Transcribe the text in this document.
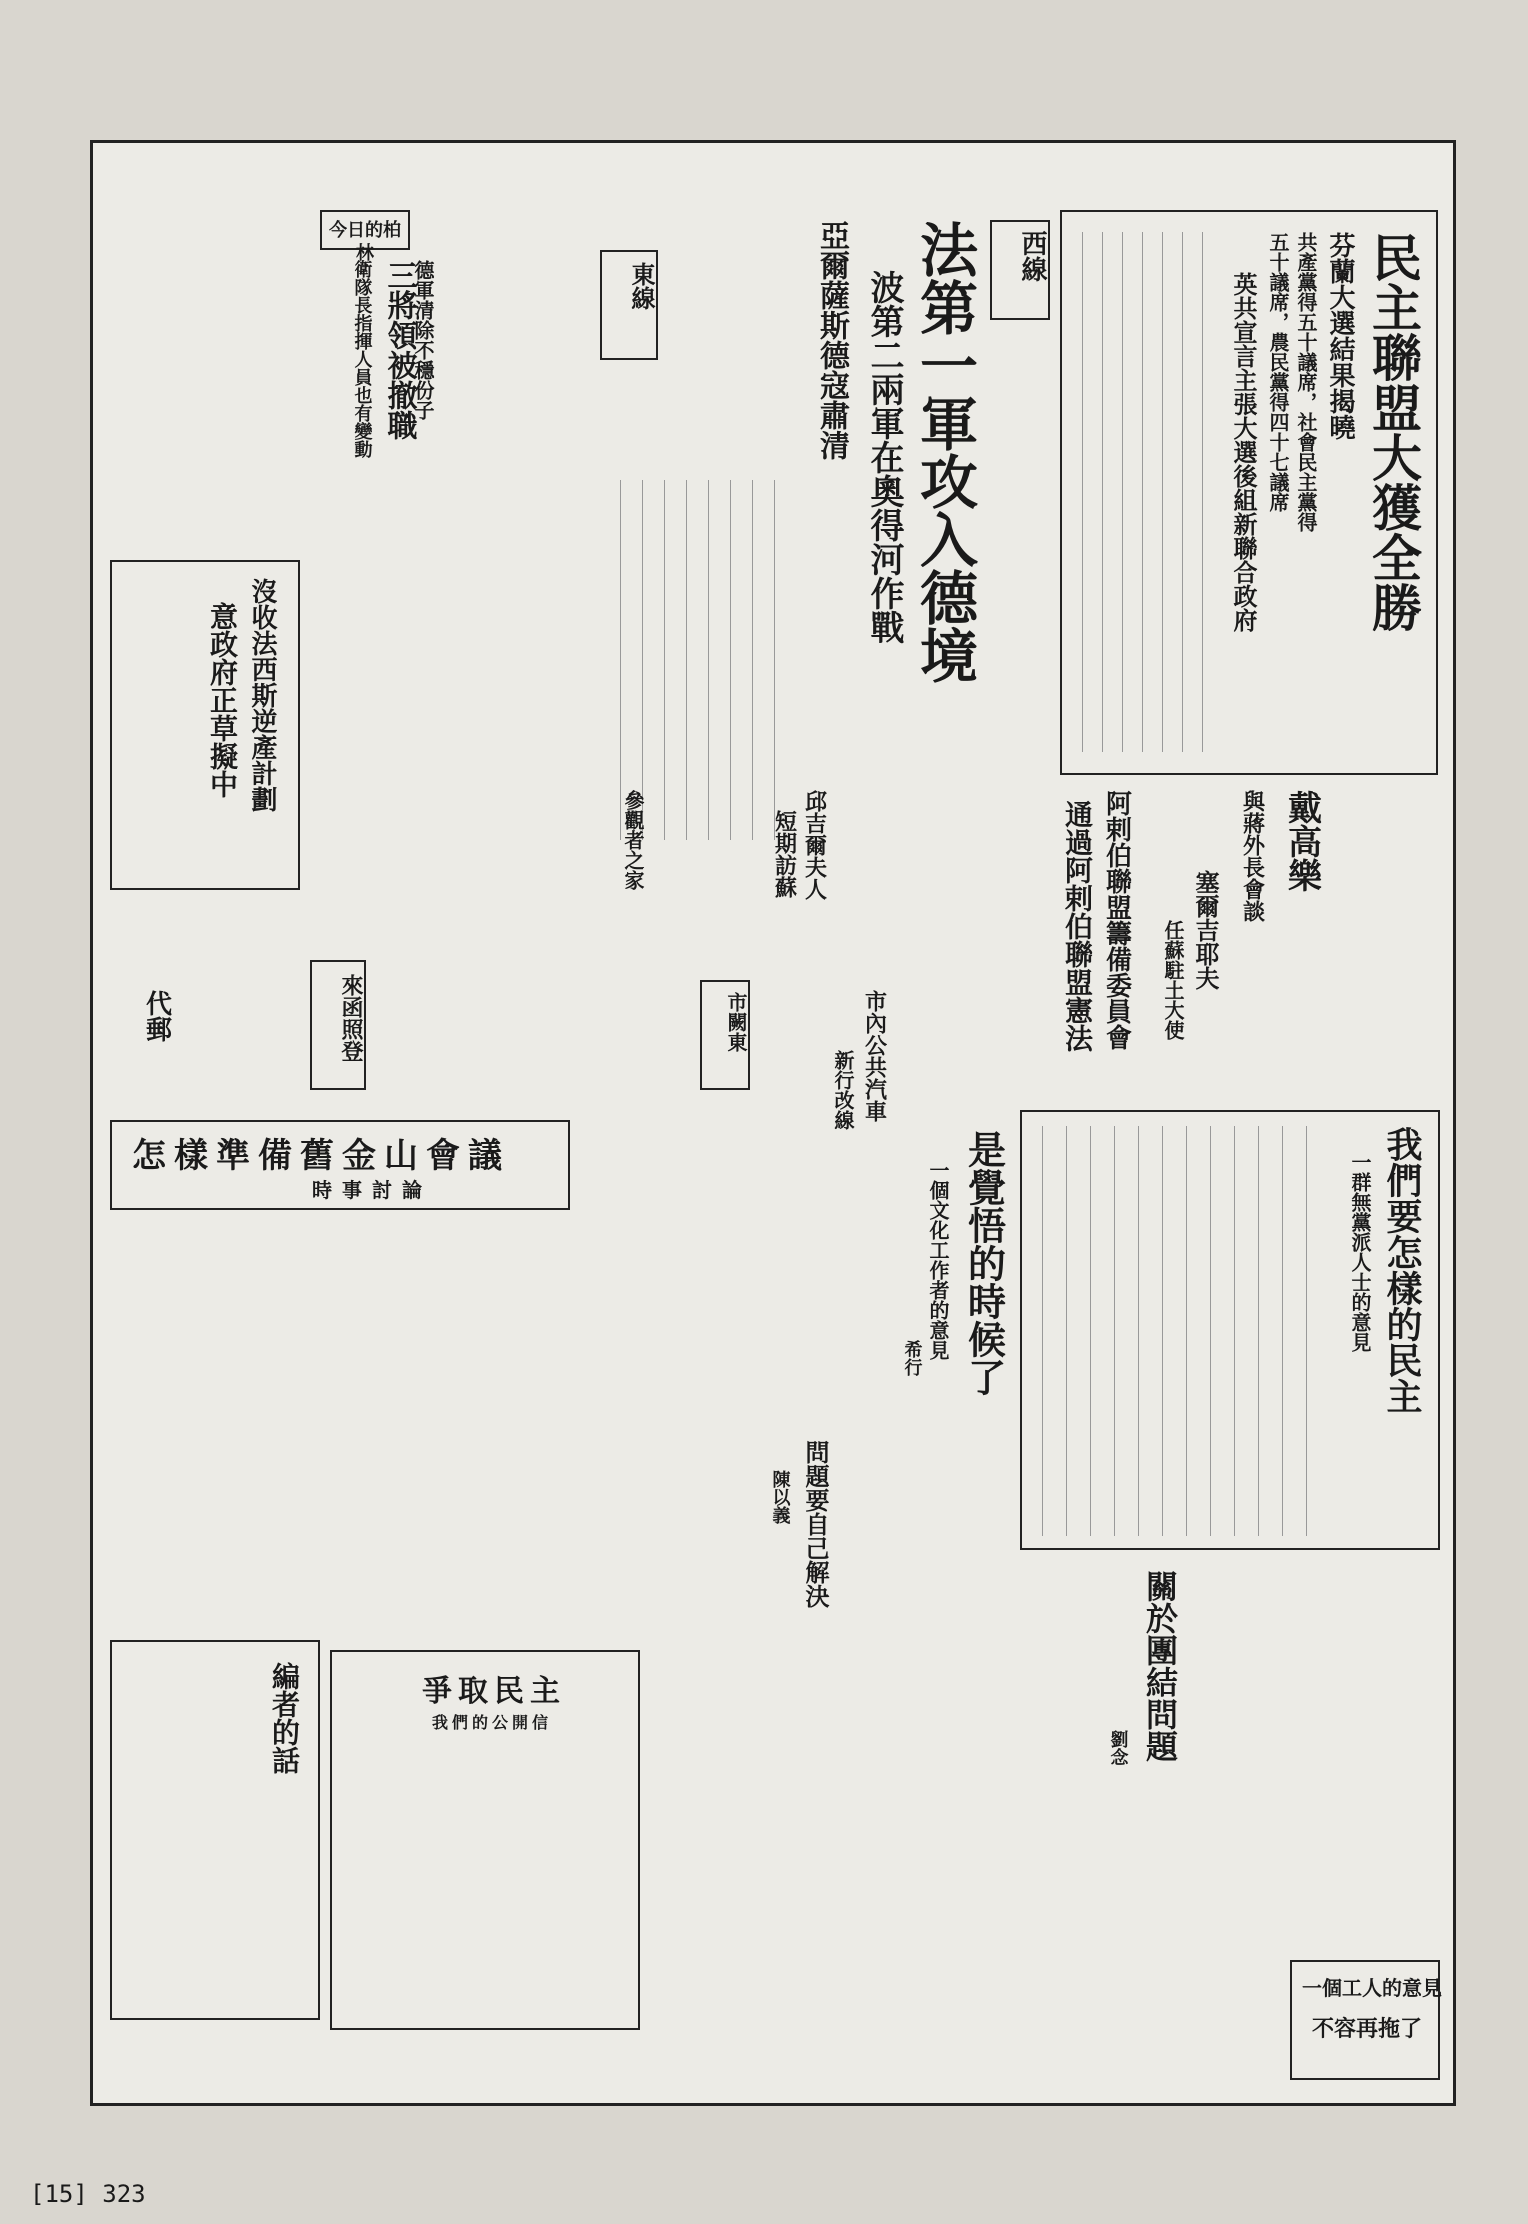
民主聯盟大獲全勝
芬蘭大選結果揭曉
共產黨得五十議席，社會民主黨得
五十議席，農民黨得四十七議席
英共宣言主張大選後組新聯合政府
西線
法第一軍攻入德境
波第二兩軍在奧得河作戰
亞爾薩斯德寇肅清
東線
今日的柏林
三將領被撤職
德軍清除不穩份子
衛隊長指揮人員也有變動
沒收法西斯逆產計劃
意政府正草擬中
戴高樂
與蔣外長會談
塞爾吉耶夫
任蘇駐土大使
阿剌伯聯盟籌備委員會
通過阿剌伯聯盟憲法
邱吉爾夫人
短期訪蘇
參觀者之家
來函照登	市內公共汽車
新行改線
市闕東
代郵
怎樣準備舊金山會議
時事討論	我們要怎樣的民主
一群無黨派人士的意見
是覺悟的時候了
一個文化工作者的意見
希行
問題要自己解決
陳以義
關於團結問題
劉念
爭取民主
我們的公開信
編者的話
一個工人的意見
不容再拖了
[15] 323
